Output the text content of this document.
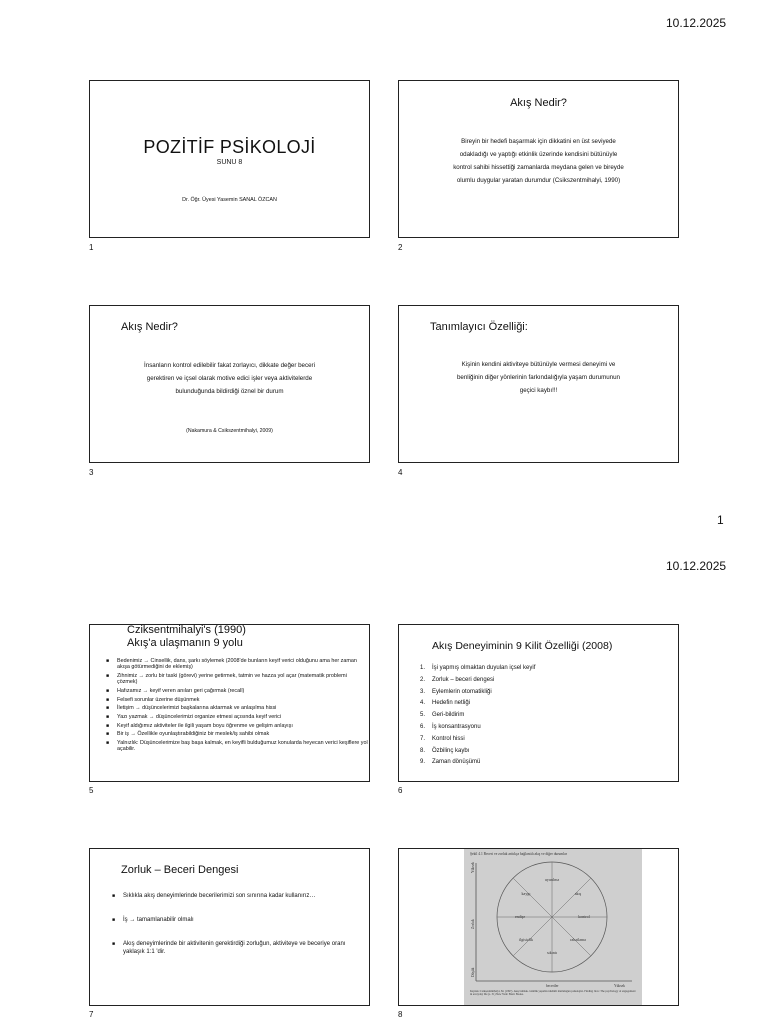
10.12.2025
POZİTİF PSİKOLOJİ
SUNU 8
Dr. Öğr. Üyesi Yasemin SANAL ÖZCAN
1
Akış Nedir?
Bireyin bir hedefi başarmak için dikkatini en üst seviyede
odakladığı ve yaptığı etkinlik üzerinde kendisini bütünüyle
kontrol sahibi hissettiği zamanlarda meydana gelen ve bireyde
olumlu duygular yaratan durumdur (Csikszentmihalyi, 1990)
2
Akış Nedir?
İnsanların kontrol edilebilir fakat zorlayıcı, dikkate değer beceri
gerektiren ve içsel olarak motive edici işler veya aktivitelerde
bulunduğunda bildirdiği öznel bir durum
(Nakamura & Csikszentmihalyi, 2009)
3
Tanımlayıcı Özelliği:
Kişinin kendini aktiviteye bütünüyle vermesi deneyimi ve
benliğinin diğer yönlerinin farkındalığıyla yaşam durumunun
geçici kaybı!!!
4
1
10.12.2025
Cziksentmihalyi's (1990)
Akış'a ulaşmanın 9 yolu
■ Bedenimiz → Cinsellik, dans, şarkı söylemek (2008'de bunların keyif verici olduğunu ama her zaman akışa götürmediğini de eklemiş)
■ Zihnimiz → zorlu bir taski (görevi) yerine getirmek, tatmin ve hazza yol açar (matematik problemi çözmek)
■ Hafızamız → keyif veren anıları geri çağırmak (recall)
■ Felsefi sorunlar üzerine düşünmek
■ İletişim → düşüncelerimizi başkalarına aktarmak ve anlaşılma hissi
■ Yazı yazmak → düşüncelerimizi organize etmesi açısında keyif verici
■ Keyif aldığımız aktiviteler ile ilgili yaşam boyu öğrenme ve gelişim anlayışı
■ Bir iş → Özellikle oyunlaştırabildiğiniz bir meslek/iş sahibi olmak
■ Yalnızlık: Düşüncelerimize baş başa kalmak, en keyifli bulduğumuz konularda heyecan verici keşiflere yol açabilir.
5
Akış Deneyiminin 9 Kilit Özelliği (2008)
1. İşi yapmış olmaktan duyulan içsel keyif
2. Zorluk – beceri dengesi
3. Eylemlerin otomatikliği
4. Hedefin netliği
5. Geri-bildirim
6. İş konsantrasyonu
7. Kontrol hissi
8. Özbilinç kaybı
9. Zaman dönüşümü
6
Zorluk – Beceri Dengesi
■ Sıklıkla akış deneyimlerinde becerilerimizi son sınırına kadar kullanırız…
■ İş → tamamlanabilir olmalı
■ Akış deneyimlerinde bir aktivitenin gerektirdiği zorluğun, aktiviteye ve beceriye oranı yaklaşık 1:1 'dir.
7
Şekil 4.1 Beceri ve zorluk arttıkça bağlantılı akış ve diğer durumlar
uyarılma
akış
kontrol
rahatlama
sıkıntı
ilgisizlik
endişe
kaygı
Yüksek
Zorluk
Düşük
beceriler	Yüksek
Kaynak: Csikszentmihalyi, M. (1997). Akış bulmak. Günlük yaşamla nitelikli mutluluğun psikolojisi. Finding flow: The psychology of engagement in everyday life (s. 31) New York: Basic Books.
8
